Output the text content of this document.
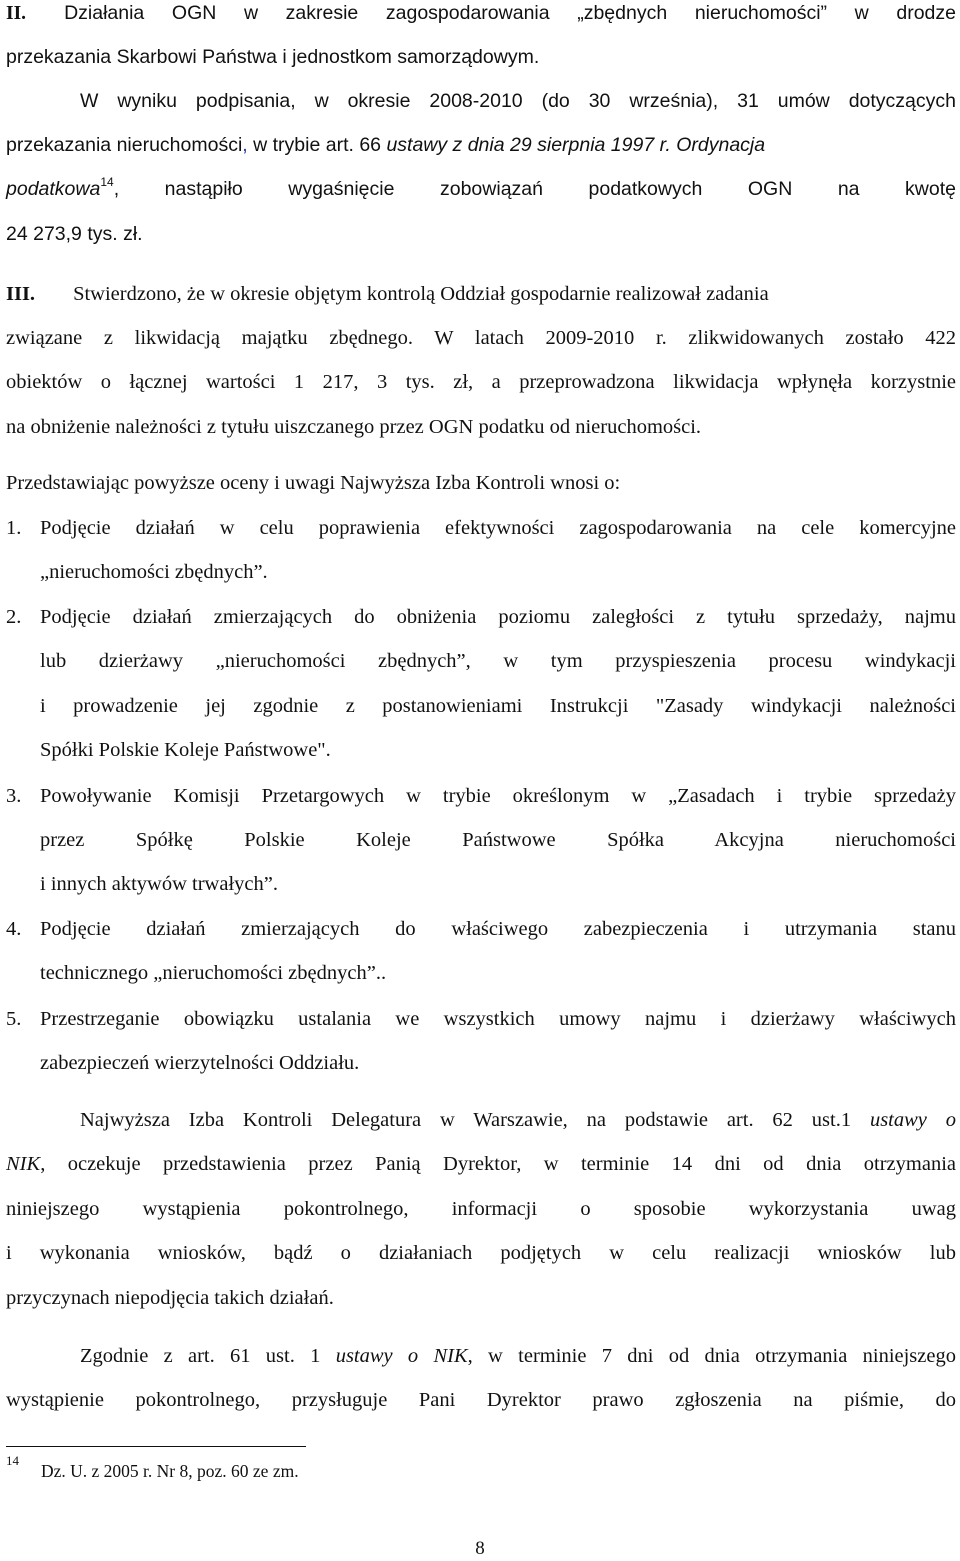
II. Działania OGN w zakresie zagospodarowania „zbędnych nieruchomości” w drodze
przekazania Skarbowi Państwa i jednostkom samorządowym.
W wyniku podpisania, w okresie 2008-2010 (do 30 września), 31 umów dotyczących
przekazania nieruchomości, w trybie art. 66 ustawy z dnia 29 sierpnia 1997 r. Ordynacja
podatkowa$^{14}$, nastąpiło wygaśnięcie zobowiązań podatkowych OGN na kwotę
24 273,9 tys. zł.
III. Stwierdzono, że w okresie objętym kontrolą Oddział gospodarnie realizował zadania
związane z likwidacją majątku zbędnego. W latach 2009-2010 r. zlikwidowanych zostało 422
obiektów o łącznej wartości 1 217, 3 tys. zł, a przeprowadzona likwidacja wpłynęła korzystnie
na obniżenie należności z tytułu uiszczanego przez OGN podatku od nieruchomości.
Przedstawiając powyższe oceny i uwagi Najwyższa Izba Kontroli wnosi o:
1. Podjęcie działań w celu poprawienia efektywności zagospodarowania na cele komercyjne
„nieruchomości zbędnych”.
2. Podjęcie działań zmierzających do obniżenia poziomu zaległości z tytułu sprzedaży, najmu
lub dzierżawy „nieruchomości zbędnych”, w tym przyspieszenia procesu windykacji
i prowadzenie jej zgodnie z postanowieniami Instrukcji "Zasady windykacji należności
Spółki Polskie Koleje Państwowe".
3. Powoływanie Komisji Przetargowych w trybie określonym w „Zasadach i trybie sprzedaży
przez Spółkę Polskie Koleje Państwowe Spółka Akcyjna nieruchomości
i innych aktywów trwałych”.
4. Podjęcie działań zmierzających do właściwego zabezpieczenia i utrzymania stanu
technicznego „nieruchomości zbędnych”..
5. Przestrzeganie obowiązku ustalania we wszystkich umowy najmu i dzierżawy właściwych
zabezpieczeń wierzytelności Oddziału.
Najwyższa Izba Kontroli Delegatura w Warszawie, na podstawie art. 62 ust.1 ustawy o
NIK, oczekuje przedstawienia przez Panią Dyrektor, w terminie 14 dni od dnia otrzymania
niniejszego wystąpienia pokontrolnego, informacji o sposobie wykorzystania uwag
i wykonania wniosków, bądź o działaniach podjętych w celu realizacji wniosków lub
przyczynach niepodjęcia takich działań.
Zgodnie z art. 61 ust. 1 ustawy o NIK, w terminie 7 dni od dnia otrzymania niniejszego
wystąpienie pokontrolnego, przysługuje Pani Dyrektor prawo zgłoszenia na piśmie, do
14
Dz. U. z 2005 r. Nr 8, poz. 60 ze zm.
8
